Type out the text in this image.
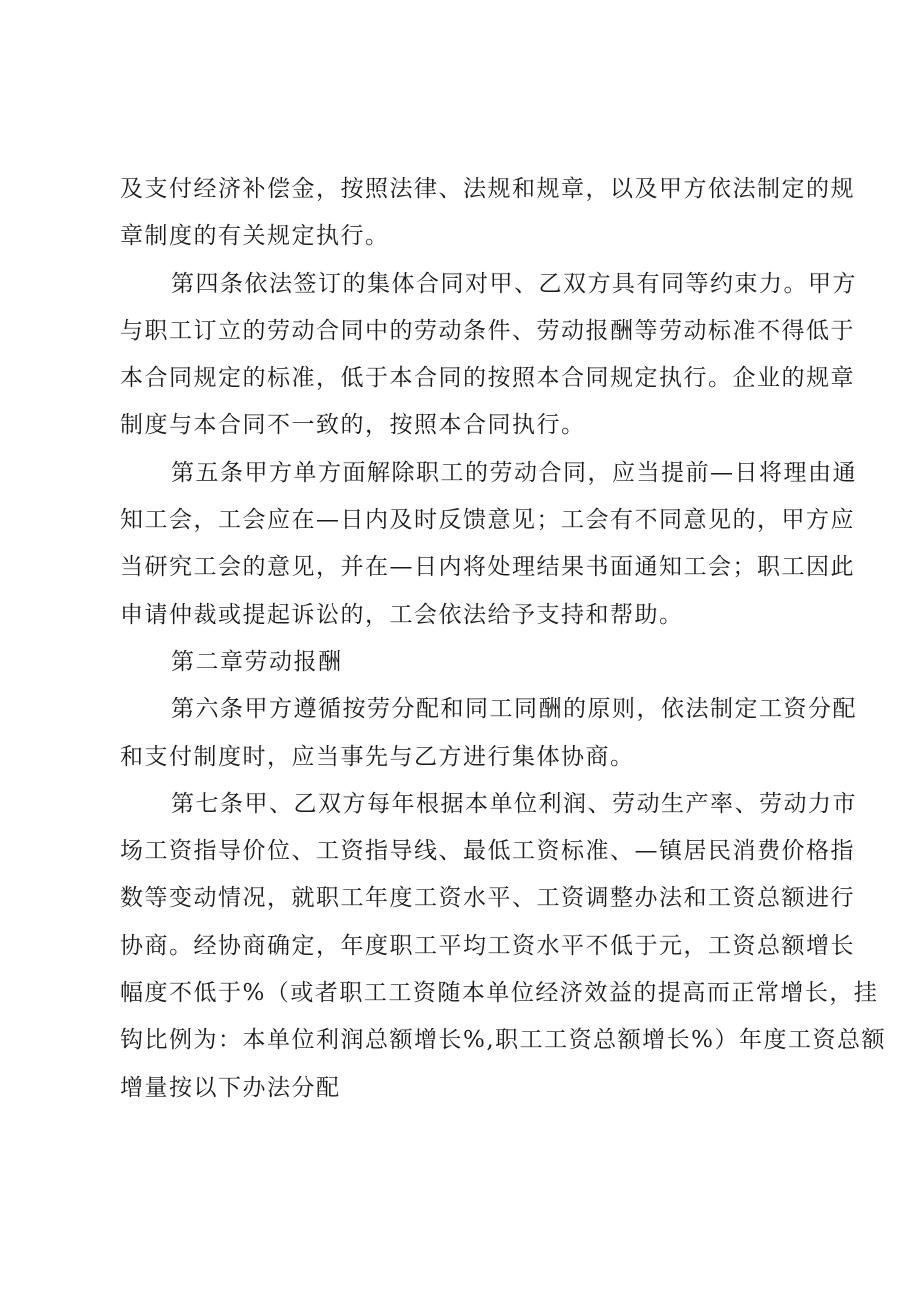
及支付经济补偿金，按照法律、法规和规章，以及甲方依法制定的规
章制度的有关规定执行。
第四条依法签订的集体合同对甲、乙双方具有同等约束力。甲方
与职工订立的劳动合同中的劳动条件、劳动报酬等劳动标准不得低于
本合同规定的标准，低于本合同的按照本合同规定执行。企业的规章
制度与本合同不一致的，按照本合同执行。
第五条甲方单方面解除职工的劳动合同，应当提前—日将理由通
知工会，工会应在—日内及时反馈意见；工会有不同意见的，甲方应
当研究工会的意见，并在—日内将处理结果书面通知工会；职工因此
申请仲裁或提起诉讼的，工会依法给予支持和帮助。
第二章劳动报酬
第六条甲方遵循按劳分配和同工同酬的原则，依法制定工资分配
和支付制度时，应当事先与乙方进行集体协商。
第七条甲、乙双方每年根据本单位利润、劳动生产率、劳动力市
场工资指导价位、工资指导线、最低工资标准、—镇居民消费价格指
数等变动情况，就职工年度工资水平、工资调整办法和工资总额进行
协商。经协商确定，年度职工平均工资水平不低于元，工资总额增长
幅度不低于%（或者职工工资随本单位经济效益的提高而正常增长，挂
钩比例为：本单位利润总额增长%,职工工资总额增长%）年度工资总额
增量按以下办法分配
